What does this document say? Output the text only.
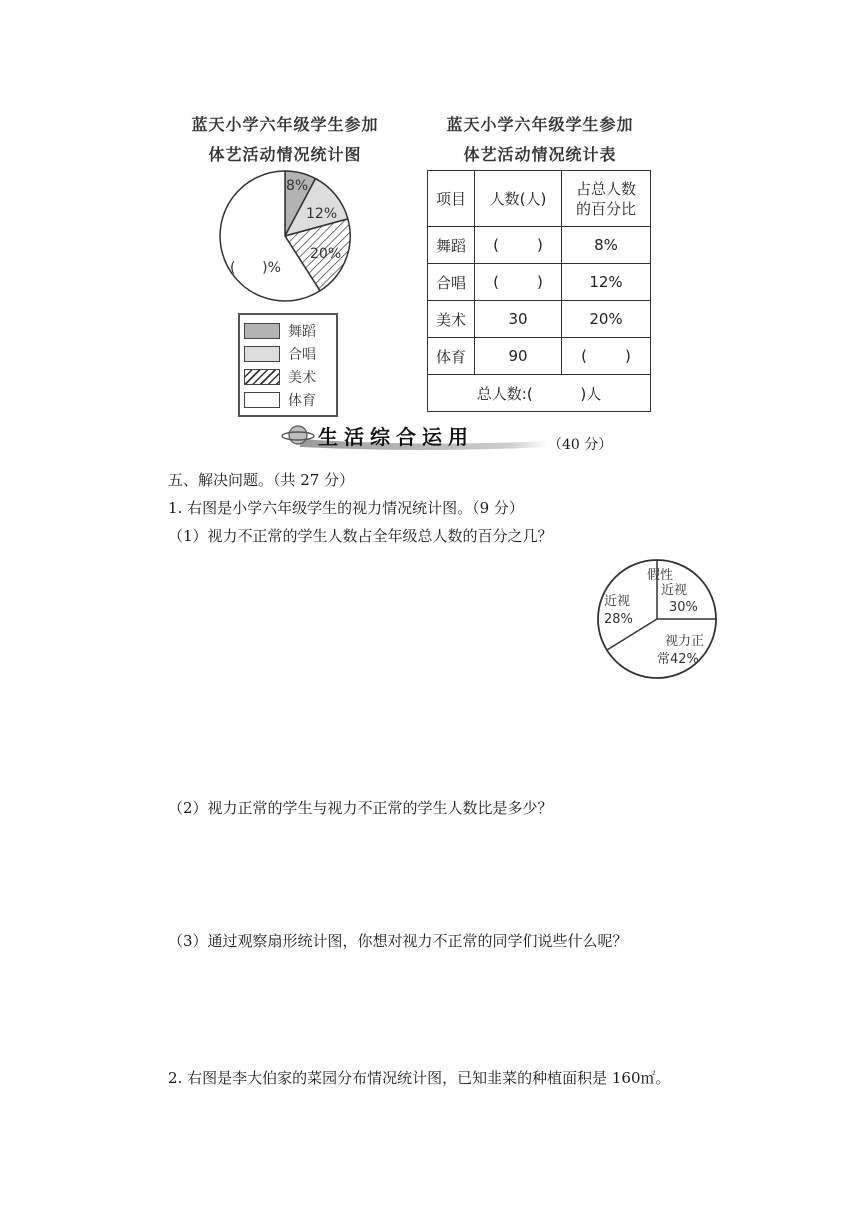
蓝天小学六年级学生参加
体艺活动情况统计图
8%
12%
20%
(      )%
舞蹈
合唱
美术
体育
蓝天小学六年级学生参加
体艺活动情况统计表
项目	人数(人)	占总人数的百分比
舞蹈	(        )	8%
合唱	(        )	12%
美术	30	20%
体育	90	(        )
总人数:(          )人		
生活综合运用	（40 分）
五、解决问题。（共 27 分）
1. 右图是小学六年级学生的视力情况统计图。（9 分）
（1）视力不正常的学生人数占全年级总人数的百分之几？
假性
近视
30%
近视
28%
视力正
常42%
（2）视力正常的学生与视力不正常的学生人数比是多少？
（3）通过观察扇形统计图，你想对视力不正常的同学们说些什么呢？
2. 右图是李大伯家的菜园分布情况统计图，已知韭菜的种植面积是 160㎡。
